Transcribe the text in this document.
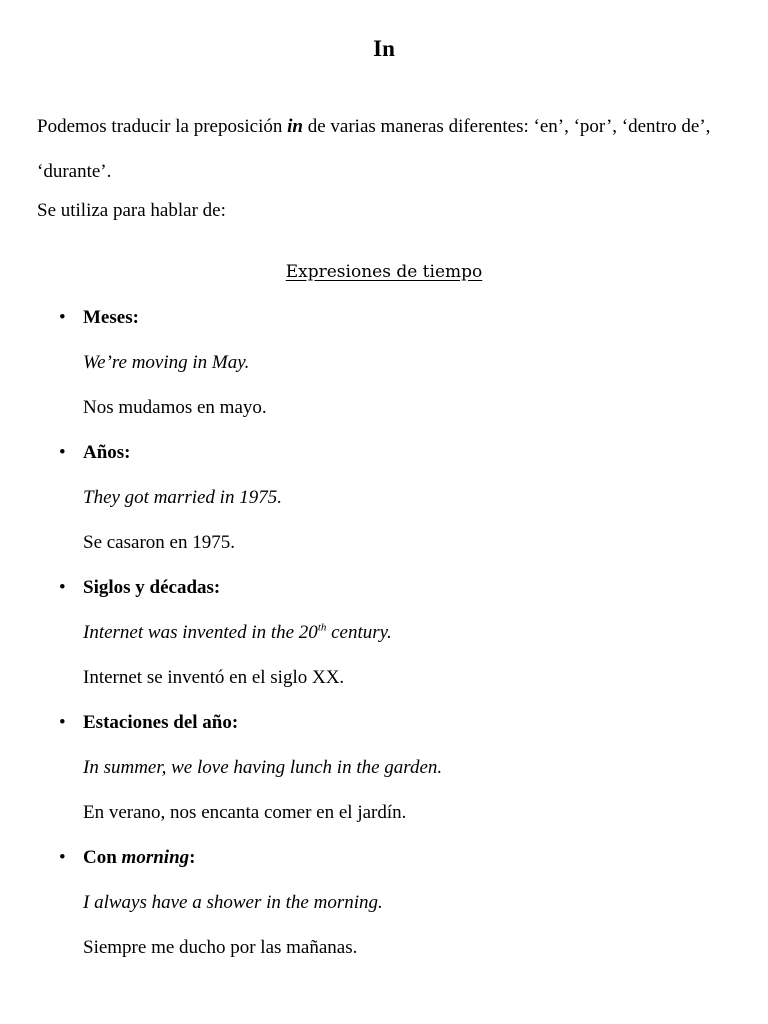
In

Podemos traducir la preposición in de varias maneras diferentes: ‘en’, ‘por’, ‘dentro de’, ‘durante’.

Se utiliza para hablar de:

Expresiones de tiempo
• Meses:
We’re moving in May.
Nos mudamos en mayo.
• Años:
They got married in 1975.
Se casaron en 1975.
• Siglos y décadas:
Internet was invented in the 20th century.
Internet se inventó en el siglo XX.
• Estaciones del año:
In summer, we love having lunch in the garden.
En verano, nos encanta comer en el jardín.
• Con morning:
I always have a shower in the morning.
Siempre me ducho por las mañanas.
